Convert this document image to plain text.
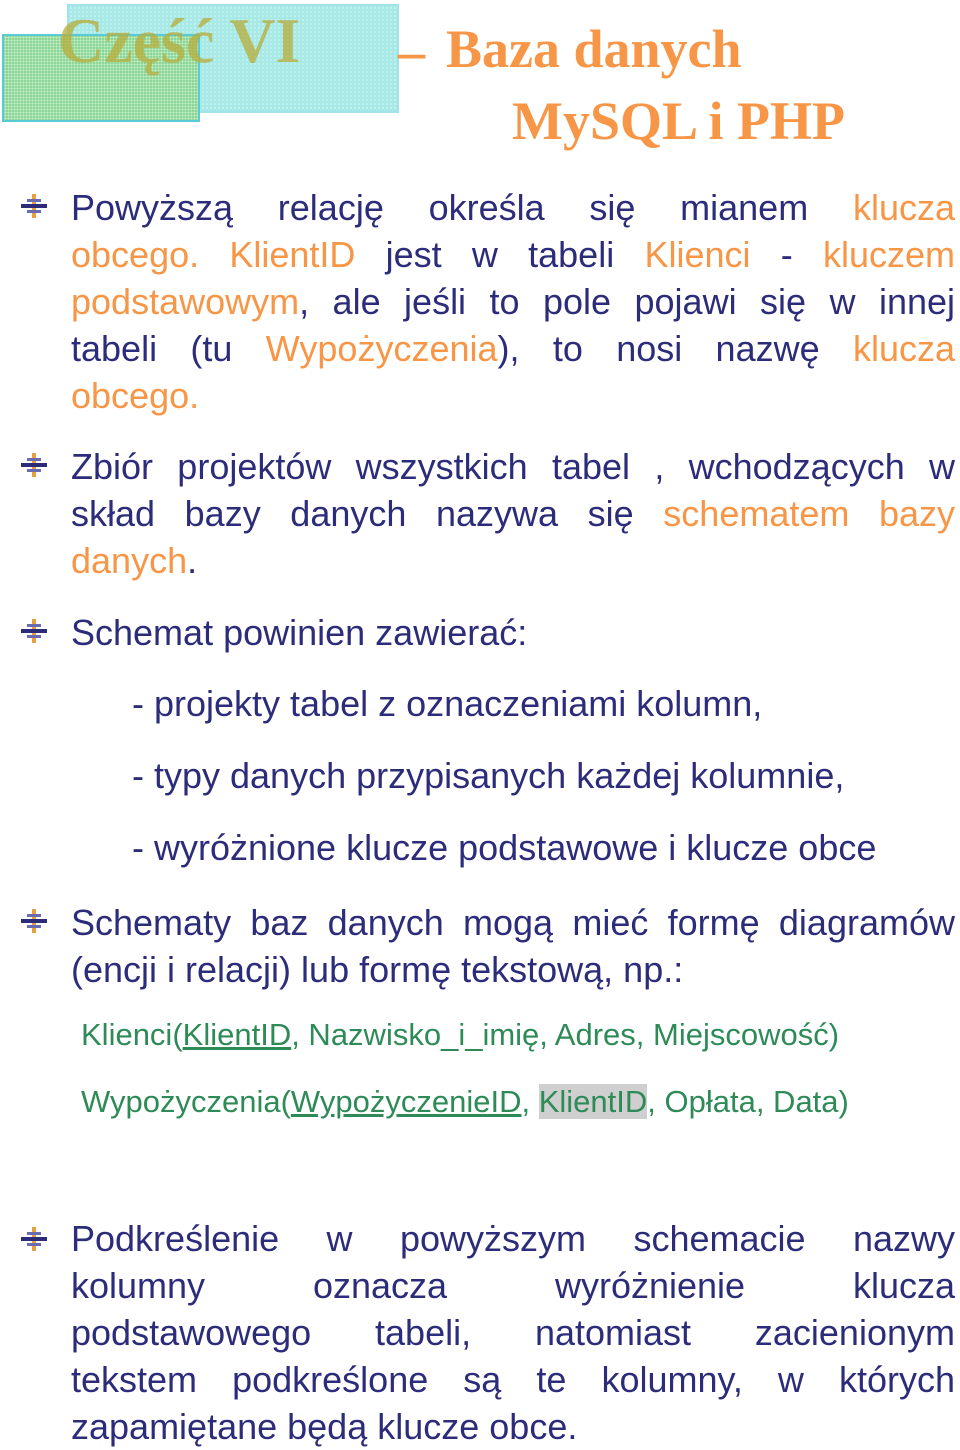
Część VI – Baza danych
MySQL i PHP
Powyższą relację określa się mianem klucza
obcego. KlientID jest w tabeli Klienci - kluczem
podstawowym, ale jeśli to pole pojawi się w innej
tabeli (tu Wypożyczenia), to nosi nazwę klucza
obcego.
Zbiór projektów wszystkich tabel , wchodzących w
skład bazy danych nazywa się schematem bazy
danych.
Schemat powinien zawierać:
- projekty tabel z oznaczeniami kolumn,
- typy danych przypisanych każdej kolumnie,
- wyróżnione klucze podstawowe i klucze obce
Schematy baz danych mogą mieć formę diagramów
(encji i relacji) lub formę tekstową, np.:
Klienci(KlientID, Nazwisko_i_imię, Adres, Miejscowość)
Wypożyczenia(WypożyczenieID, KlientID, Opłata, Data)
Podkreślenie w powyższym schemacie nazwy
kolumny oznacza wyróżnienie klucza
podstawowego tabeli, natomiast zacienionym
tekstem podkreślone są te kolumny, w których
zapamiętane będą klucze obce.
